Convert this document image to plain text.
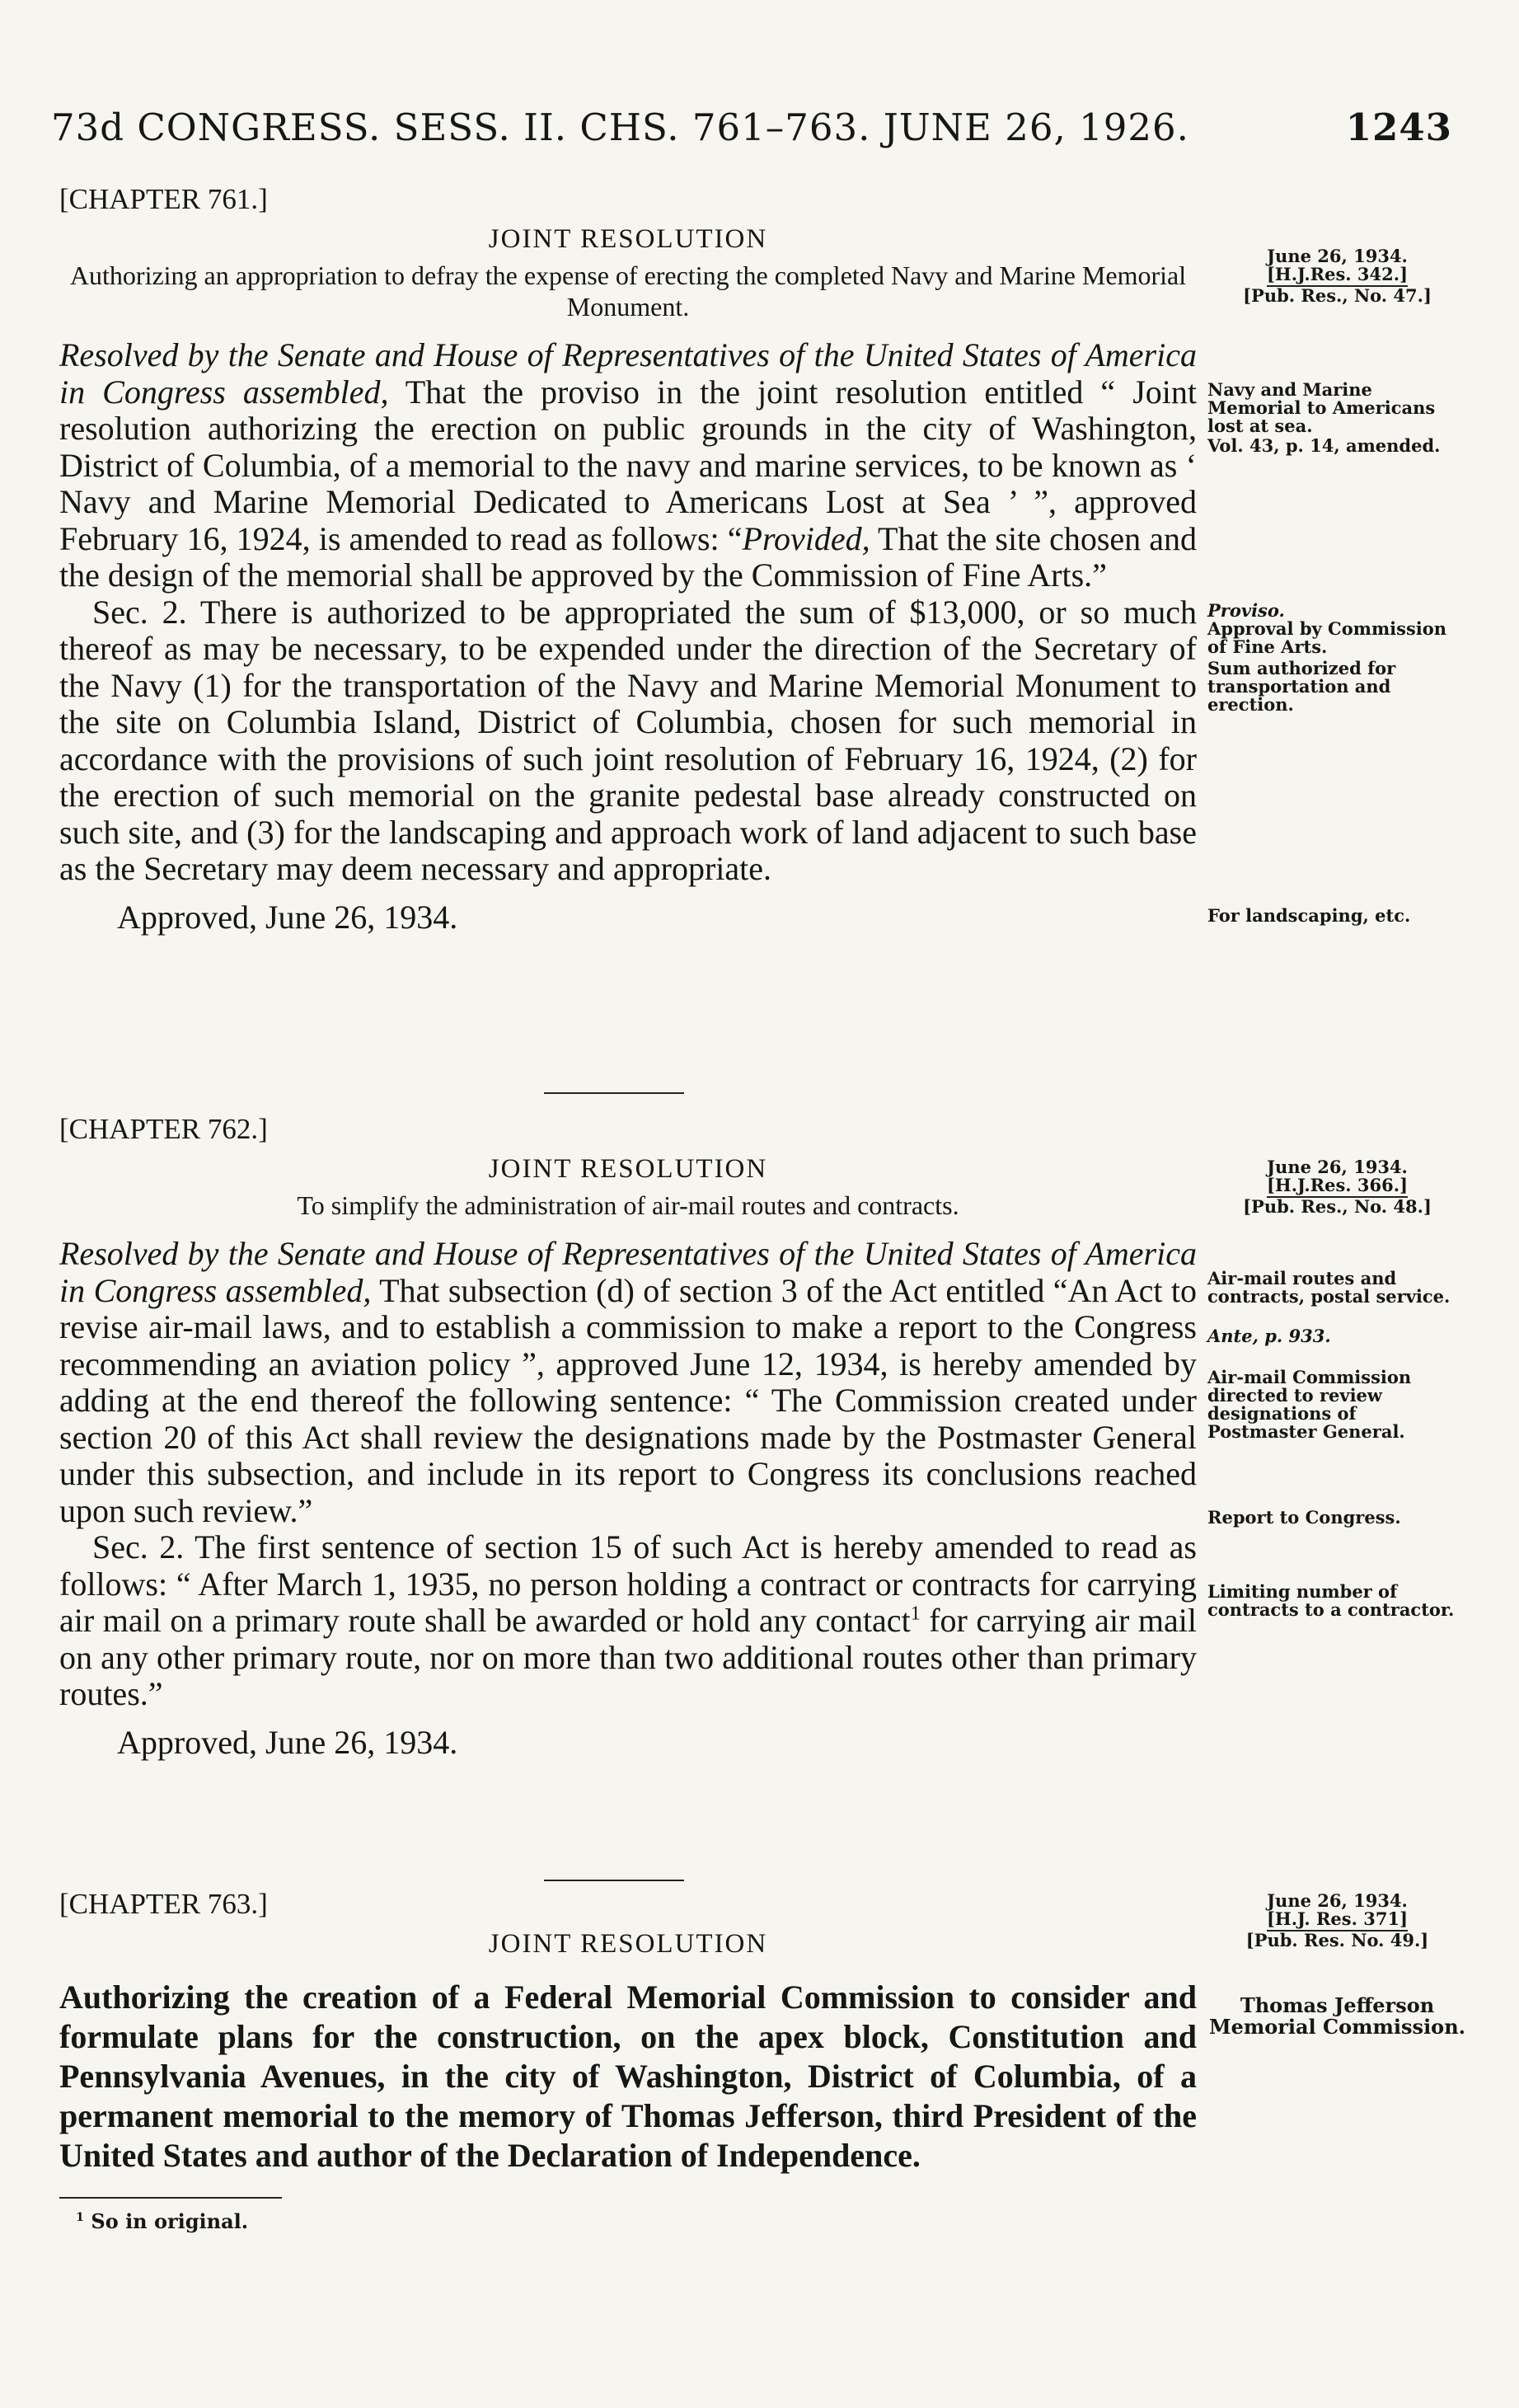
73d CONGRESS. SESS. II. CHS. 761–763. JUNE 26, 1926.	1243

[CHAPTER 761.]

JOINT RESOLUTION
Authorizing an appropriation to defray the expense of erecting the completed Navy and Marine Memorial Monument.

Resolved by the Senate and House of Representatives of the United States of America in Congress assembled, That the proviso in the joint resolution entitled “ Joint resolution authorizing the erection on public grounds in the city of Washington, District of Columbia, of a memorial to the navy and marine services, to be known as ‘ Navy and Marine Memorial Dedicated to Americans Lost at Sea ’ ”, approved February 16, 1924, is amended to read as follows: “Provided, That the site chosen and the design of the memorial shall be approved by the Commission of Fine Arts.”

Sec. 2. There is authorized to be appropriated the sum of $13,000, or so much thereof as may be necessary, to be expended under the direction of the Secretary of the Navy (1) for the transportation of the Navy and Marine Memorial Monument to the site on Columbia Island, District of Columbia, chosen for such memorial in accordance with the provisions of such joint resolution of February 16, 1924, (2) for the erection of such memorial on the granite pedestal base already constructed on such site, and (3) for the landscaping and approach work of land adjacent to such base as the Secretary may deem necessary and appropriate.

Approved, June 26, 1934.
June 26, 1934.
[H.J.Res. 342.]
[Pub. Res., No. 47.]
Navy and Marine Memorial to Americans lost at sea.
Vol. 43, p. 14, amended.
Proviso.
Approval by Commission of Fine Arts.
Sum authorized for transportation and erection.
For landscaping, etc.

[CHAPTER 762.]

JOINT RESOLUTION
To simplify the administration of air-mail routes and contracts.

Resolved by the Senate and House of Representatives of the United States of America in Congress assembled, That subsection (d) of section 3 of the Act entitled “An Act to revise air-mail laws, and to establish a commission to make a report to the Congress recommending an aviation policy ”, approved June 12, 1934, is hereby amended by adding at the end thereof the following sentence: “ The Commission created under section 20 of this Act shall review the designations made by the Postmaster General under this subsection, and include in its report to Congress its conclusions reached upon such review.”

Sec. 2. The first sentence of section 15 of such Act is hereby amended to read as follows: “ After March 1, 1935, no person holding a contract or contracts for carrying air mail on a primary route shall be awarded or hold any contact$^1$ for carrying air mail on any other primary route, nor on more than two additional routes other than primary routes.”

Approved, June 26, 1934.
June 26, 1934.
[H.J.Res. 366.]
[Pub. Res., No. 48.]
Air-mail routes and contracts, postal service.
Ante, p. 933.
Air-mail Commission directed to review designations of Postmaster General.
Report to Congress.
Limiting number of contracts to a contractor.

[CHAPTER 763.]

JOINT RESOLUTION
Authorizing the creation of a Federal Memorial Commission to consider and formulate plans for the construction, on the apex block, Constitution and Pennsylvania Avenues, in the city of Washington, District of Columbia, of a permanent memorial to the memory of Thomas Jefferson, third President of the United States and author of the Declaration of Independence.
June 26, 1934.
[H.J. Res. 371]
[Pub. Res. No. 49.]
Thomas Jefferson Memorial Commission.
$^1$ So in original.
